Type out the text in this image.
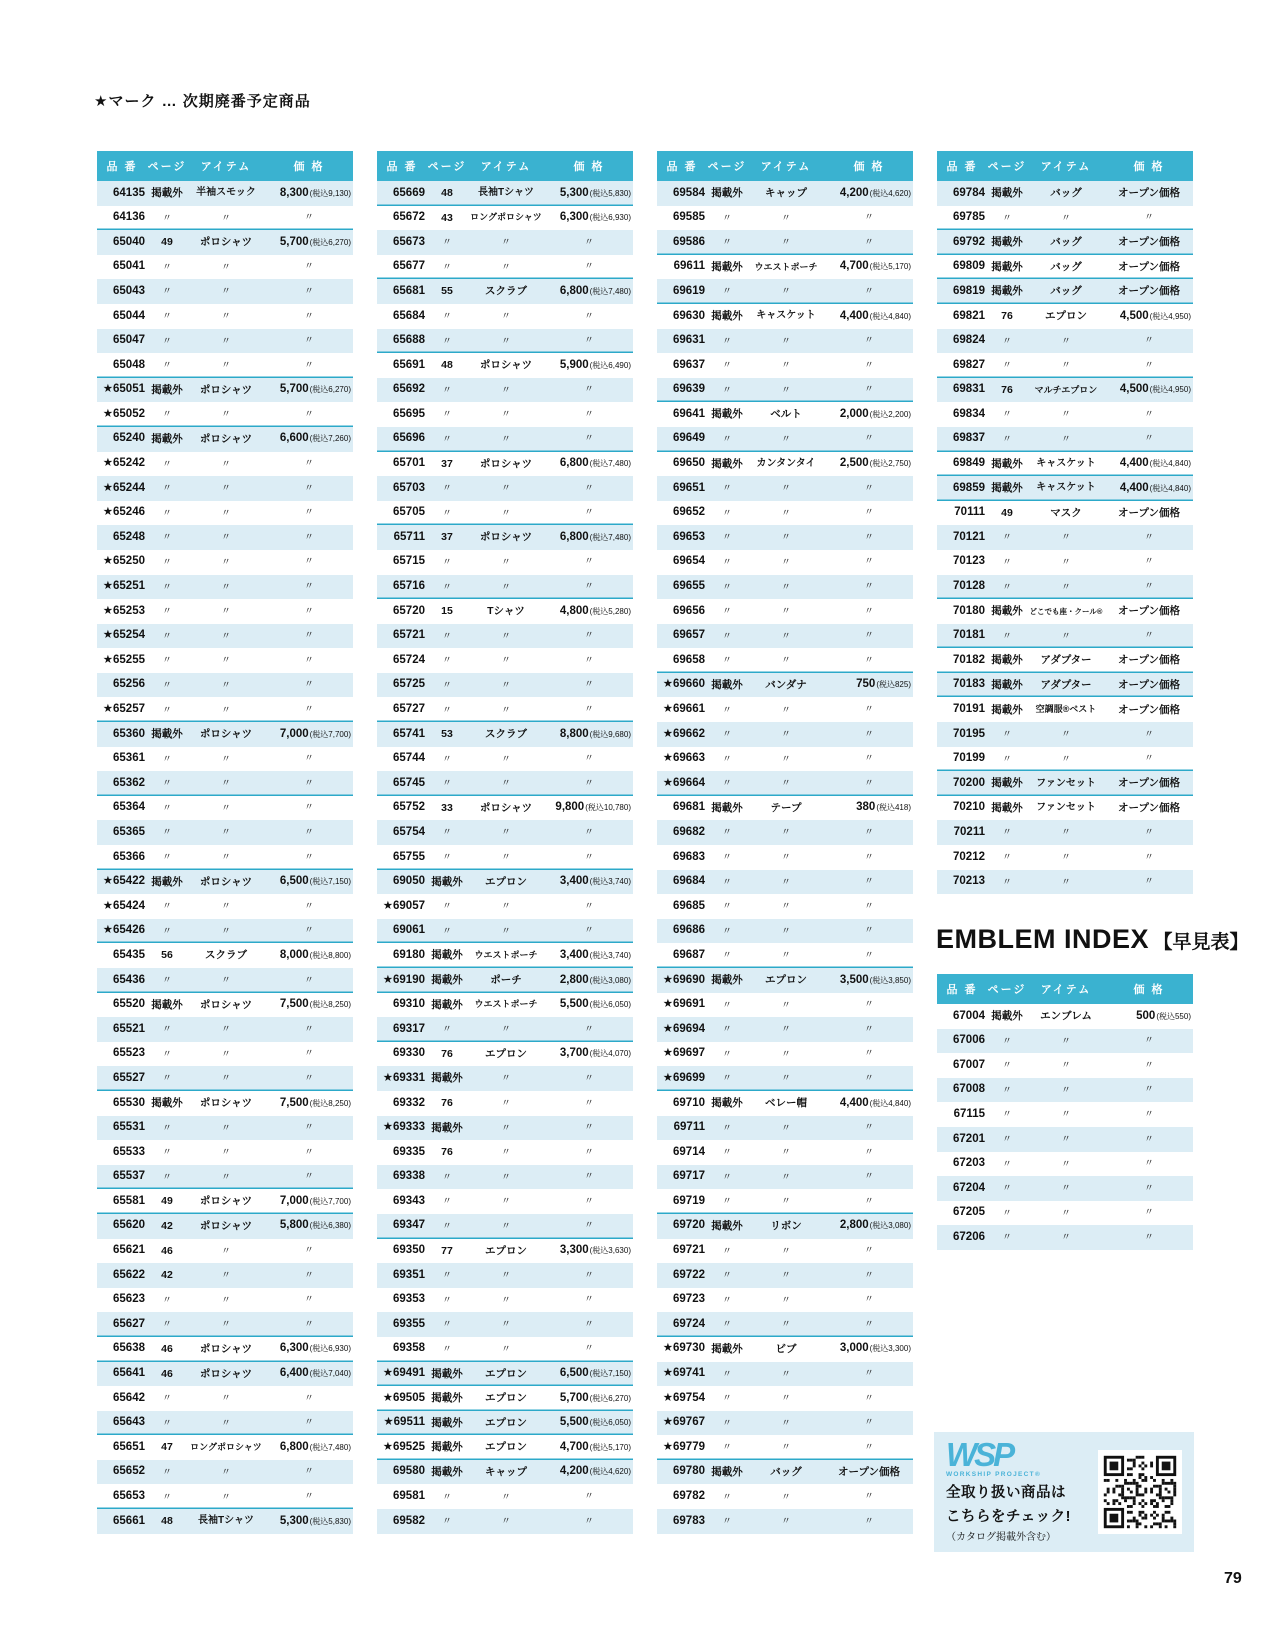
★マーク … 次期廃番予定商品
品 番 ページ	アイテム	価 格
64135 掲載外	半袖スモック	8,300 (税込9,130)
64136	〃	〃	〃
65040	49	ポロシャツ	5,700 (税込6,270)
65041	〃	〃	〃
65043	〃	〃	〃
65044	〃	〃	〃
65047	〃	〃	〃
65048	〃	〃	〃
★65051 掲載外	ポロシャツ	5,700 (税込6,270)
★65052	〃	〃	〃
65240 掲載外	ポロシャツ	6,600 (税込7,260)
★65242	〃	〃	〃
★65244	〃	〃	〃
★65246	〃	〃	〃
65248	〃	〃	〃
★65250	〃	〃	〃
★65251	〃	〃	〃
★65253	〃	〃	〃
★65254	〃	〃	〃
★65255	〃	〃	〃
65256	〃	〃	〃
★65257	〃	〃	〃
65360 掲載外	ポロシャツ	7,000 (税込7,700)
65361	〃	〃	〃
65362	〃	〃	〃
65364	〃	〃	〃
65365	〃	〃	〃
65366	〃	〃	〃
★65422 掲載外	ポロシャツ	6,500 (税込7,150)
★65424	〃	〃	〃
★65426	〃	〃	〃
65435	56	スクラブ	8,000 (税込8,800)
65436	〃	〃	〃
65520 掲載外	ポロシャツ	7,500 (税込8,250)
65521	〃	〃	〃
65523	〃	〃	〃
65527	〃	〃	〃
65530 掲載外	ポロシャツ	7,500 (税込8,250)
65531	〃	〃	〃
65533	〃	〃	〃
65537	〃	〃	〃
65581	49	ポロシャツ	7,000 (税込7,700)
65620	42	ポロシャツ	5,800 (税込6,380)
65621	46	〃	〃
65622	42	〃	〃
65623	〃	〃	〃
65627	〃	〃	〃
65638	46	ポロシャツ	6,300 (税込6,930)
65641	46	ポロシャツ	6,400 (税込7,040)
65642	〃	〃	〃
65643	〃	〃	〃
65651	47	ロングポロシャツ 6,800 (税込7,480)
65652	〃	〃	〃
65653	〃	〃	〃
65661	48	長袖Tシャツ	5,300 (税込5,830)
品 番 ページ	アイテム	価 格
65669	48	長袖Tシャツ	5,300 (税込5,830)
65672	43	ロングポロシャツ 6,300 (税込6,930)
65673	〃	〃	〃
65677	〃	〃	〃
65681	55	スクラブ	6,800 (税込7,480)
65684	〃	〃	〃
65688	〃	〃	〃
65691	48	ポロシャツ	5,900 (税込6,490)
65692	〃	〃	〃
65695	〃	〃	〃
65696	〃	〃	〃
65701	37	ポロシャツ	6,800 (税込7,480)
65703	〃	〃	〃
65705	〃	〃	〃
65711	37	ポロシャツ	6,800 (税込7,480)
65715	〃	〃	〃
65716	〃	〃	〃
65720	15	Tシャツ	4,800 (税込5,280)
65721	〃	〃	〃
65724	〃	〃	〃
65725	〃	〃	〃
65727	〃	〃	〃
65741	53	スクラブ	8,800 (税込9,680)
65744	〃	〃	〃
65745	〃	〃	〃
65752	33	ポロシャツ	9,800 (税込10,780)
65754	〃	〃	〃
65755	〃	〃	〃
69050 掲載外	エプロン	3,400 (税込3,740)
★69057	〃	〃	〃
69061	〃	〃	〃
69180 掲載外	ウエストポーチ	3,400 (税込3,740)
★69190 掲載外	ポーチ	2,800 (税込3,080)
69310 掲載外	ウエストポーチ	5,500 (税込6,050)
69317	〃	〃	〃
69330	76	エプロン	3,700 (税込4,070)
★69331 掲載外	〃	〃
69332	76	〃	〃
★69333 掲載外	〃	〃
69335	76	〃	〃
69338	〃	〃	〃
69343	〃	〃	〃
69347	〃	〃	〃
69350	77	エプロン	3,300 (税込3,630)
69351	〃	〃	〃
69353	〃	〃	〃
69355	〃	〃	〃
69358	〃	〃	〃
★69491 掲載外	エプロン	6,500 (税込7,150)
★69505 掲載外	エプロン	5,700 (税込6,270)
★69511 掲載外	エプロン	5,500 (税込6,050)
★69525 掲載外	エプロン	4,700 (税込5,170)
69580 掲載外	キャップ	4,200 (税込4,620)
69581	〃	〃	〃
69582	〃	〃	〃
品 番 ページ	アイテム	価 格
69584 掲載外	キャップ	4,200 (税込4,620)
69585	〃	〃	〃
69586	〃	〃	〃
69611 掲載外	ウエストポーチ	4,700 (税込5,170)
69619	〃	〃	〃
69630 掲載外	キャスケット	4,400 (税込4,840)
69631	〃	〃	〃
69637	〃	〃	〃
69639	〃	〃	〃
69641 掲載外	ベルト	2,000 (税込2,200)
69649	〃	〃	〃
69650 掲載外	カンタンタイ	2,500 (税込2,750)
69651	〃	〃	〃
69652	〃	〃	〃
69653	〃	〃	〃
69654	〃	〃	〃
69655	〃	〃	〃
69656	〃	〃	〃
69657	〃	〃	〃
69658	〃	〃	〃
★69660 掲載外	バンダナ	750 (税込825)
★69661	〃	〃	〃
★69662	〃	〃	〃
★69663	〃	〃	〃
★69664	〃	〃	〃
69681 掲載外	テープ	380 (税込418)
69682	〃	〃	〃
69683	〃	〃	〃
69684	〃	〃	〃
69685	〃	〃	〃
69686	〃	〃	〃
69687	〃	〃	〃
★69690 掲載外	エプロン	3,500 (税込3,850)
★69691	〃	〃	〃
★69694	〃	〃	〃
★69697	〃	〃	〃
★69699	〃	〃	〃
69710 掲載外	ベレー帽	4,400 (税込4,840)
69711	〃	〃	〃
69714	〃	〃	〃
69717	〃	〃	〃
69719	〃	〃	〃
69720 掲載外	リボン	2,800 (税込3,080)
69721	〃	〃	〃
69722	〃	〃	〃
69723	〃	〃	〃
69724	〃	〃	〃
★69730 掲載外	ビブ	3,000 (税込3,300)
★69741	〃	〃	〃
★69754	〃	〃	〃
★69767	〃	〃	〃
★69779	〃	〃	〃
69780 掲載外	バッグ	オープン価格
69782	〃	〃	〃
69783	〃	〃	〃
品 番 ページ	アイテム	価 格
69784 掲載外	バッグ	オープン価格
69785	〃	〃	〃
69792 掲載外	バッグ	オープン価格
69809 掲載外	バッグ	オープン価格
69819 掲載外	バッグ	オープン価格
69821	76	エプロン	4,500 (税込4,950)
69824	〃	〃	〃
69827	〃	〃	〃
69831	76	マルチエプロン	4,500 (税込4,950)
69834	〃	〃	〃
69837	〃	〃	〃
69849 掲載外	キャスケット	4,400 (税込4,840)
69859 掲載外	キャスケット	4,400 (税込4,840)
70111	49	マスク	オープン価格
70121	〃	〃	〃
70123	〃	〃	〃
70128	〃	〃	〃
70180 掲載外 どこでも座・クール®	オープン価格
70181	〃	〃	〃
70182 掲載外	アダプター	オープン価格
70183 掲載外	アダプター	オープン価格
70191 掲載外	空調服®ベスト	オープン価格
70195	〃	〃	〃
70199	〃	〃	〃
70200 掲載外	ファンセット	オープン価格
70210 掲載外	ファンセット	オープン価格
70211	〃	〃	〃
70212	〃	〃	〃
70213	〃	〃	〃
EMBLEM INDEX 【早見表】
品 番 ページ	アイテム	価 格
67004 掲載外	エンブレム	500 (税込550)
67006	〃	〃	〃
67007	〃	〃	〃
67008	〃	〃	〃
67115	〃	〃	〃
67201	〃	〃	〃
67203	〃	〃	〃
67204	〃	〃	〃
67205	〃	〃	〃
67206	〃	〃	〃
WSP
WORKSHIP PROJECT®
全取り扱い商品は
こちらをチェック!
（カタログ掲載外含む）
79
